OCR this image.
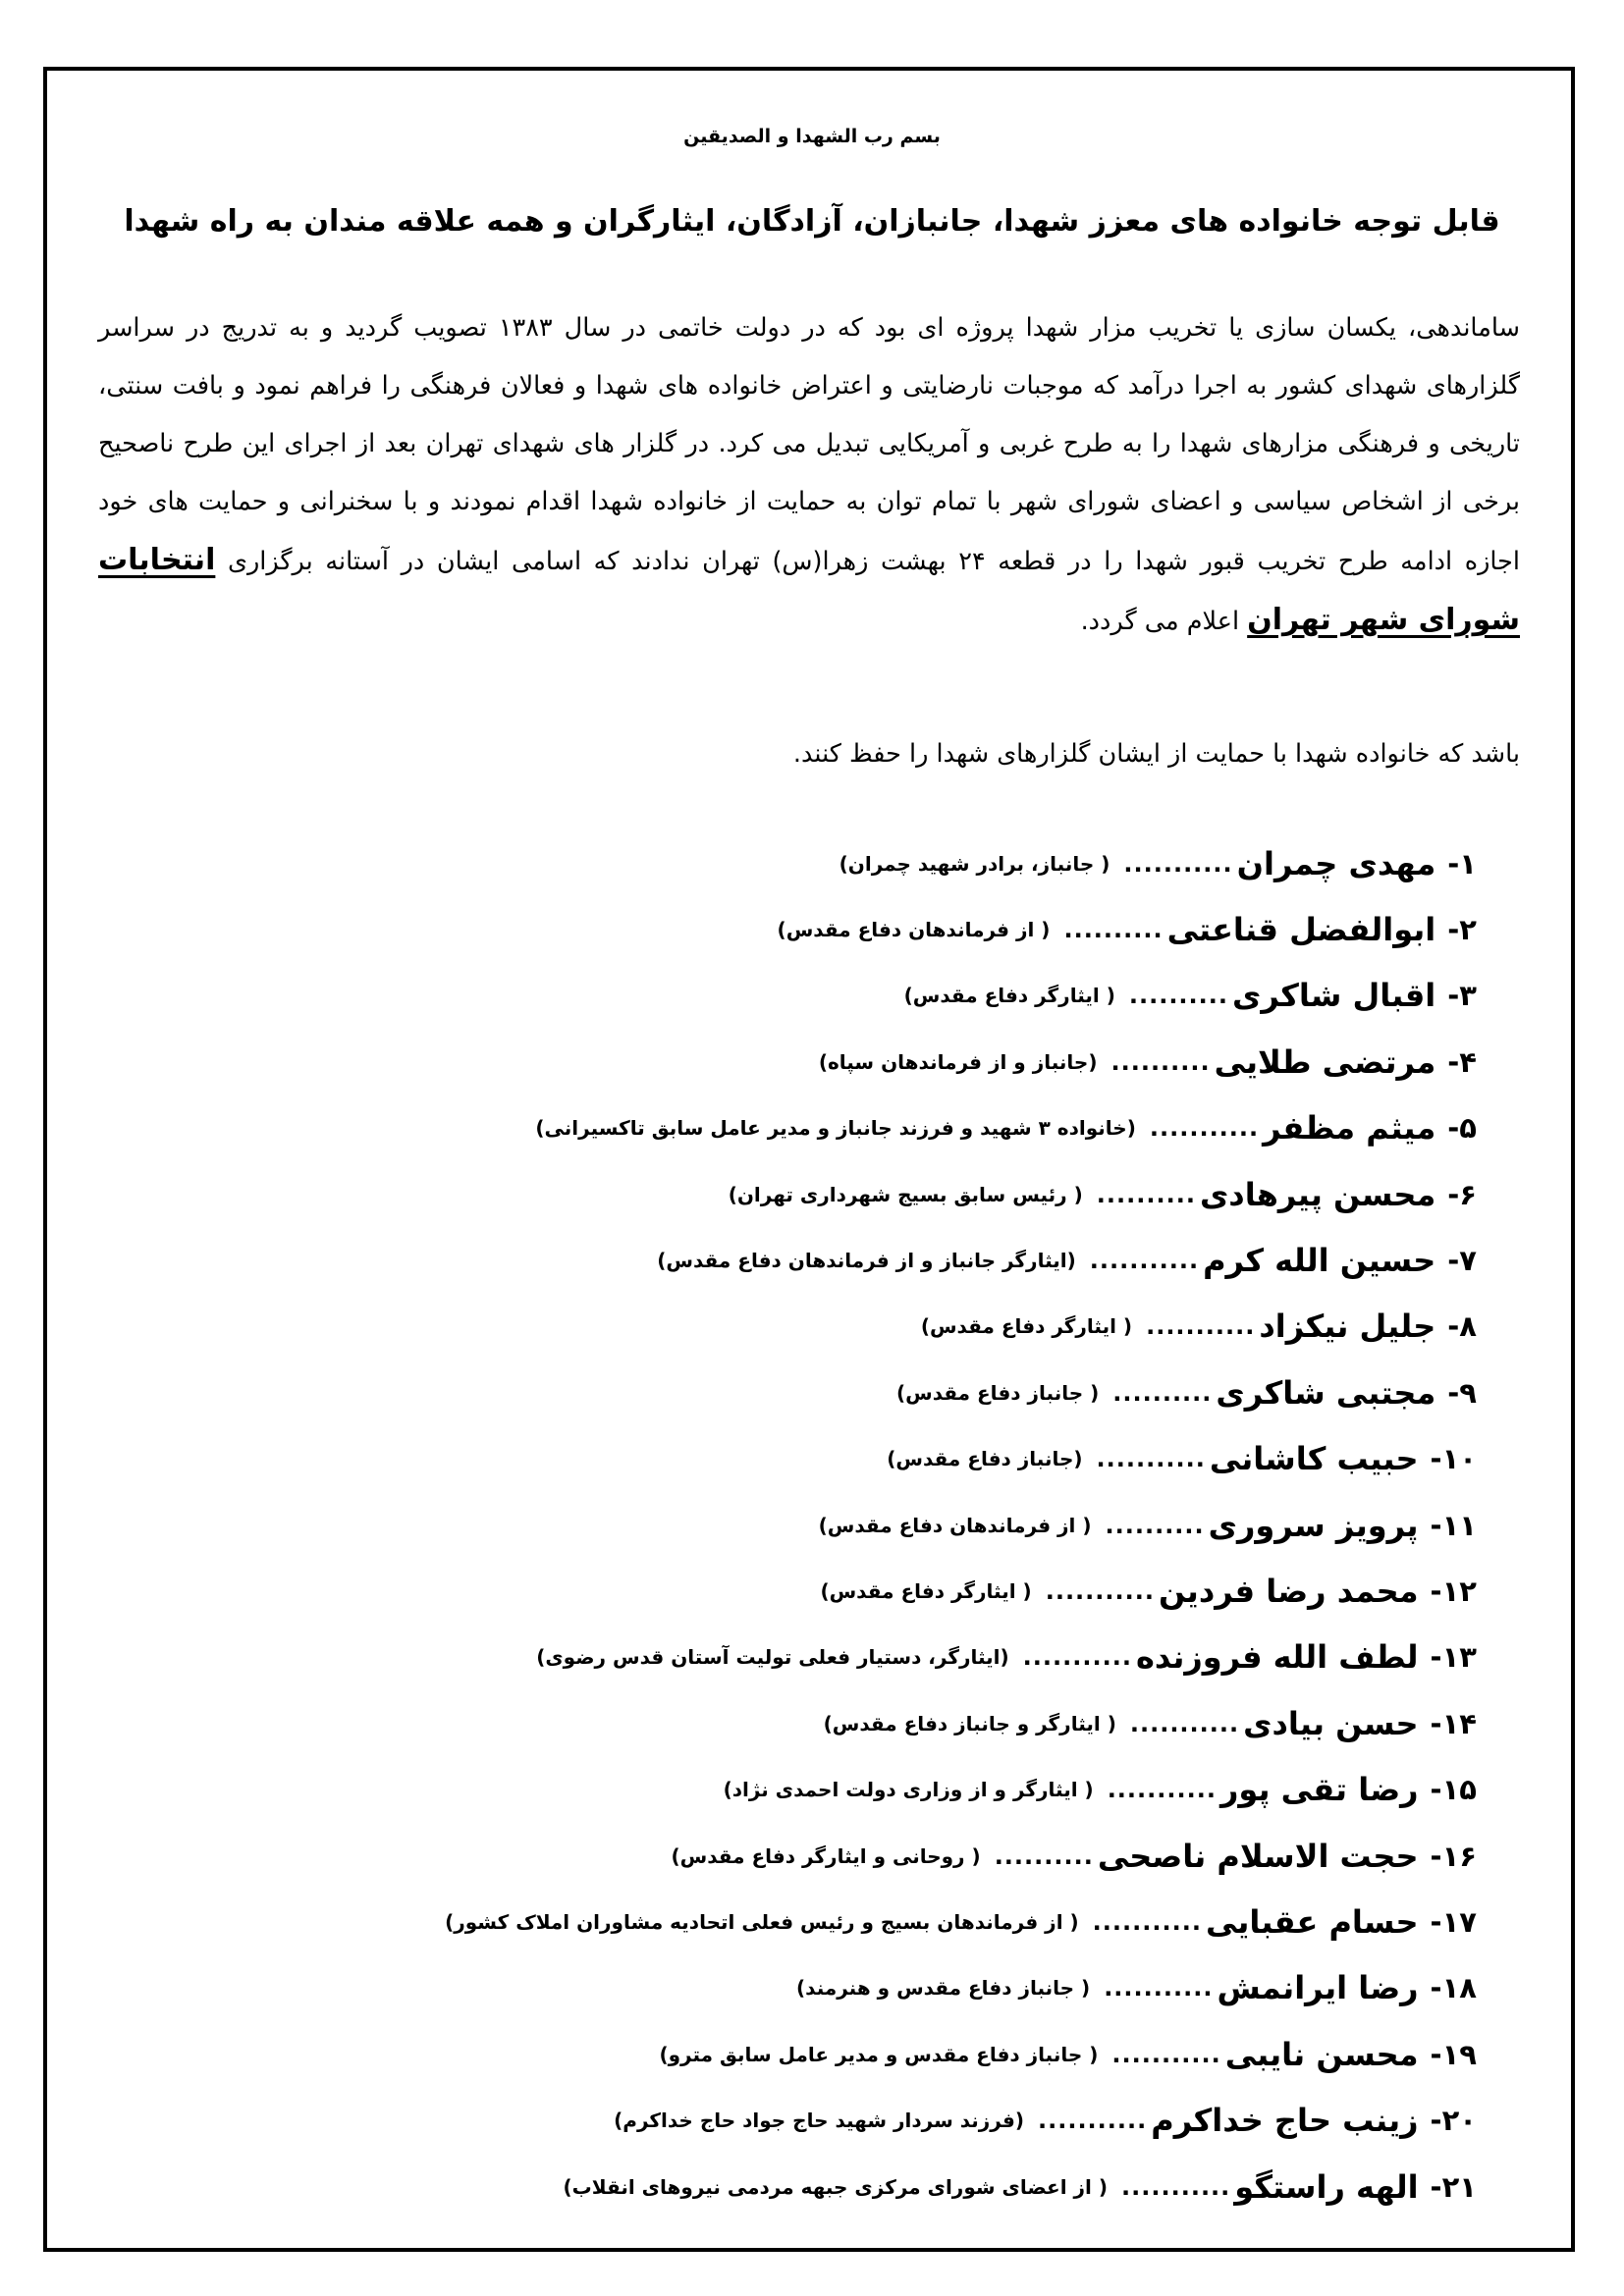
بسم رب الشهدا و الصدیقین
قابل توجه خانواده های معزز شهدا، جانبازان، آزادگان، ایثارگران و همه علاقه مندان به راه شهدا
ساماندهی، یکسان سازی یا تخریب مزار شهدا پروژه ای بود که در دولت خاتمی در سال ۱۳۸۳ تصویب گردید و به تدریج در سراسر گلزارهای شهدای کشور به اجرا درآمد که موجبات نارضایتی و اعتراض خانواده های شهدا و فعالان فرهنگی را فراهم نمود و بافت سنتی، تاریخی و فرهنگی مزارهای شهدا را به طرح غربی و آمریکایی تبدیل می کرد. در گلزار های شهدای تهران بعد از اجرای این طرح ناصحیح برخی از اشخاص سیاسی و اعضای شورای شهر با تمام توان به حمایت از خانواده شهدا اقدام نمودند و با سخنرانی و حمایت های خود اجازه ادامه طرح تخریب قبور شهدا را در قطعه ۲۴ بهشت زهرا(س) تهران ندادند که اسامی ایشان در آستانه برگزاری انتخابات شورای شهر تهران اعلام می گردد.
باشد که خانواده شهدا با حمایت از ایشان گلزارهای شهدا را حفظ کنند.
۱-
مهدی چمران
...........
( جانباز، برادر شهید چمران)
۲-
ابوالفضل قناعتی
..........
( از فرماندهان دفاع مقدس)
۳-
اقبال شاکری
..........
( ایثارگر دفاع مقدس)
۴-
مرتضی طلایی
..........
(جانباز و از فرماندهان سپاه)
۵-
میثم مظفر
...........
(خانواده ۳ شهید و فرزند جانباز و مدیر عامل سابق تاکسیرانی)
۶-
محسن پیرهادی
..........
( رئیس سابق بسیج شهرداری تهران)
۷-
حسین الله کرم
...........
(ایثارگر جانباز و از فرماندهان دفاع مقدس)
۸-
جلیل نیکزاد
...........
( ایثارگر دفاع مقدس)
۹-
مجتبی شاکری
..........
( جانباز دفاع مقدس)
۱۰-
حبیب کاشانی
...........
(جانباز دفاع مقدس)
۱۱-
پرویز سروری
..........
( از فرماندهان دفاع مقدس)
۱۲-
محمد رضا فردین
...........
( ایثارگر دفاع مقدس)
۱۳-
لطف الله فروزنده
...........
(ایثارگر، دستیار فعلی تولیت آستان قدس رضوی)
۱۴-
حسن بیادی
...........
( ایثارگر و جانباز دفاع مقدس)
۱۵-
رضا تقی پور
...........
( ایثارگر و از وزاری دولت احمدی نژاد)
۱۶-
حجت الاسلام ناصحی
..........
( روحانی و ایثارگر دفاع مقدس)
۱۷-
حسام عقبایی
...........
( از فرماندهان بسیج و رئیس فعلی اتحادیه مشاوران املاک کشور)
۱۸-
رضا ایرانمش
...........
( جانباز دفاع مقدس و هنرمند)
۱۹-
محسن نایبی
...........
( جانباز دفاع مقدس و مدیر عامل سابق مترو)
۲۰-
زینب حاج خداکرم
...........
(فرزند سردار شهید حاج جواد حاج خداکرم)
۲۱-
الهه راستگو
...........
( از اعضای شورای مرکزی جبهه مردمی نیروهای انقلاب)
